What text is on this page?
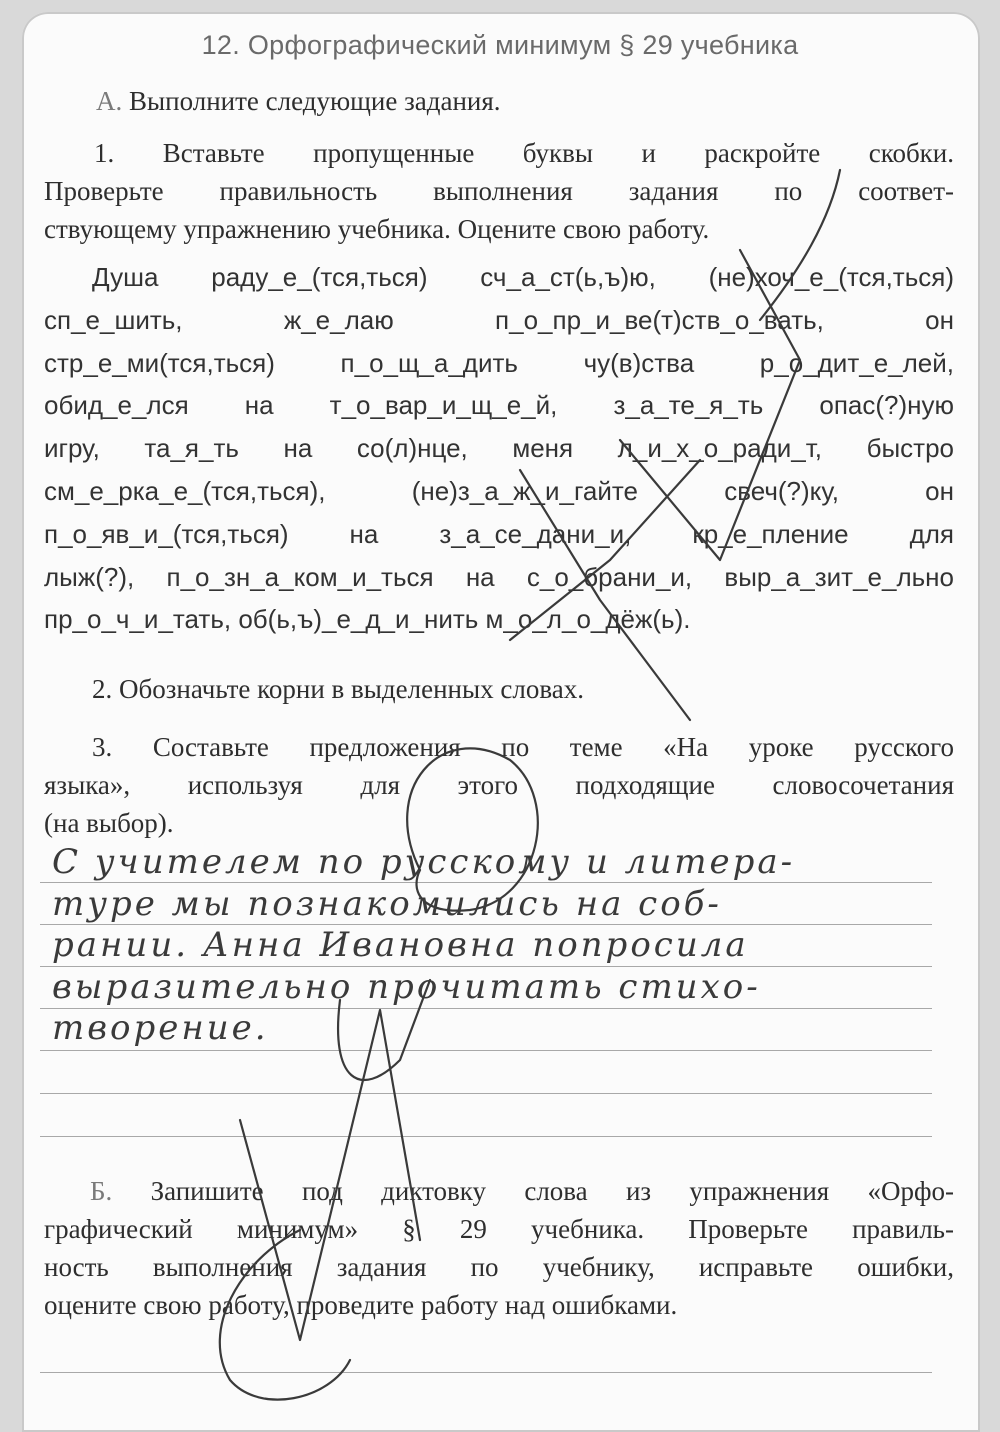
12. Орфографический минимум § 29 учебника
А. Выполните следующие задания.
1. Вставьте пропущенные буквы и раскройте скобки.
Проверьте правильность выполнения задания по соответ-
ствующему упражнению учебника. Оцените свою работу.
Душа раду_е_(тся,ться) сч_а_ст(ь,ъ)ю, (не)хоч_е_(тся,ться)
сп_е_шить, ж_е_лаю п_о_пр_и_ве(т)ств_о_вать, он
стр_е_ми(тся,ться) п_о_щ_а_дить чу(в)ства р_о_дит_е_лей,
обид_е_лся на т_о_вар_и_щ_е_й, з_а_те_я_ть опас(?)ную
игру, та_я_ть на со(л)нце, меня л_и_х_о_ради_т, быстро
см_е_рка_е_(тся,ться), (не)з_а_ж_и_гайте свеч(?)ку, он
п_о_яв_и_(тся,ться) на з_а_се_дани_и, кр_е_пление для
лыж(?), п_о_зн_а_ком_и_ться на с_о_брани_и, выр_а_зит_е_льно
пр_о_ч_и_тать, об(ь,ъ)_е_д_и_нить м_о_л_о_дёж(ь).
2. Обозначьте корни в выделенных словах.
3. Составьте предложения по теме «На уроке русского
языка», используя для этого подходящие словосочетания
(на выбор).
С учителем по русскому и литера-
туре мы познакомились на соб-
рании. Анна Ивановна попросила
выразительно прочитать стихо-
творение.
Б. Запишите под диктовку слова из упражнения «Орфо-
графический минимум» § 29 учебника. Проверьте правиль-
ность выполнения задания по учебнику, исправьте ошибки,
оцените свою работу, проведите работу над ошибками.
